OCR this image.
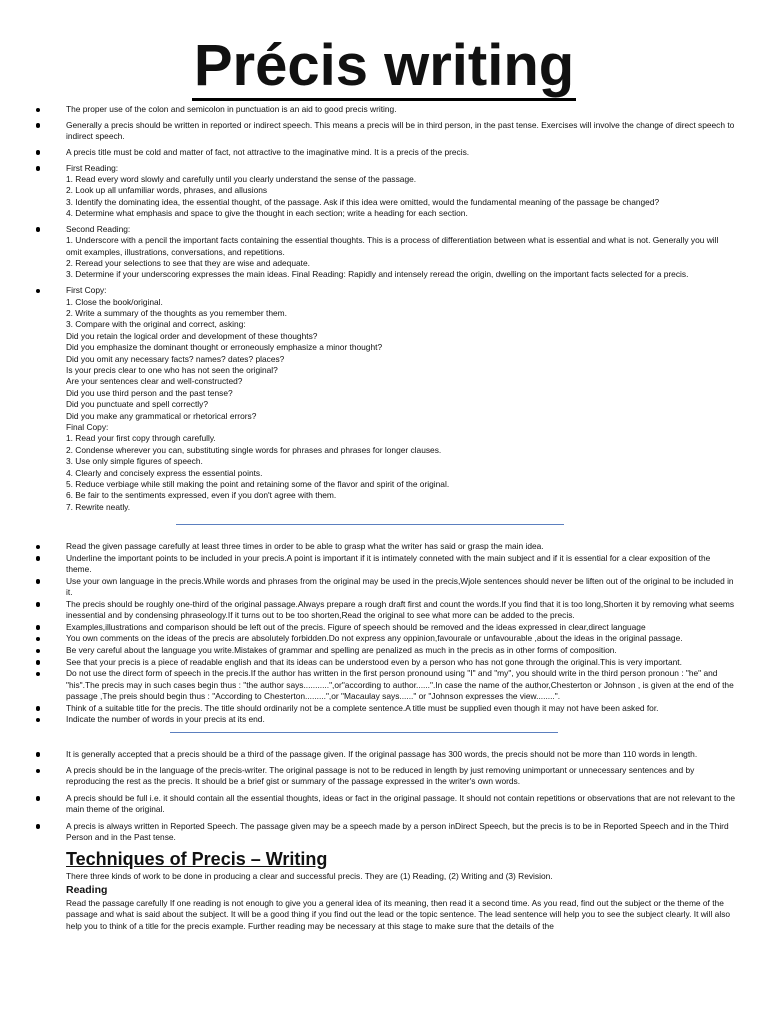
Précis writing
The proper use of the colon and semicolon in punctuation is an aid to good precis writing.
Generally a precis should be written in reported or indirect speech. This means a precis will be in third person, in the past tense. Exercises will involve the change of direct speech to indirect speech.
A precis title must be cold and matter of fact, not attractive to the imaginative mind. It is a precis of the precis.
First Reading:
1. Read every word slowly and carefully until you clearly understand the sense of the passage.
2. Look up all unfamiliar words, phrases, and allusions
3. Identify the dominating idea, the essential thought, of the passage. Ask if this idea were omitted, would the fundamental meaning of the passage be changed?
4. Determine what emphasis and space to give the thought in each section; write a heading for each section.
Second Reading:
1. Underscore with a pencil the important facts containing the essential thoughts. This is a process of differentiation between what is essential and what is not. Generally you will omit examples, illustrations, conversations, and repetitions.
2. Reread your selections to see that they are wise and adequate.
3. Determine if your underscoring expresses the main ideas. Final Reading: Rapidly and intensely reread the origin, dwelling on the important facts selected for a precis.
First Copy:
1. Close the book/original.
2. Write a summary of the thoughts as you remember them.
3. Compare with the original and correct, asking:
Did you retain the logical order and development of these thoughts?
Did you emphasize the dominant thought or erroneously emphasize a minor thought?
Did you omit any necessary facts? names? dates? places?
Is your precis clear to one who has not seen the original?
Are your sentences clear and well-constructed?
Did you use third person and the past tense?
Did you punctuate and spell correctly?
Did you make any grammatical or rhetorical errors?
Final Copy:
1. Read your first copy through carefully.
2. Condense wherever you can, substituting single words for phrases and phrases for longer clauses.
3. Use only simple figures of speech.
4. Clearly and concisely express the essential points.
5. Reduce verbiage while still making the point and retaining some of the flavor and spirit of the original.
6. Be fair to the sentiments expressed, even if you don't agree with them.
7. Rewrite neatly.
Read the given passage carefully at least three times in order to be able to grasp what the writer has said or grasp the main idea.
Underline the important points to be included in your precis.A point is important if it is intimately conneted with the main subject and if it is essential for a clear exposition of the theme.
Use your own language in the precis.While words and phrases from the original may be used in the precis,Wjole sentences should never be liften out of the original to be included in it.
The precis should be roughly one-third of the original passage.Always prepare a rough draft first and count the words.If you find that it is too long,Shorten it by removing what seems inessential and by condensing phraseology.If it turns out to be too shorten,Read the original to see what more can be added to the precis.
Examples,illustrations and comparison should be left out of the precis. Figure of speech should be removed and the ideas expressed in clear,direct language
You own comments on the ideas of the precis are absolutely forbidden.Do not express any oppinion,favourale or unfavourable ,about the ideas in the original passage.
Be very careful about the language you write.Mistakes of grammar and spelling are penalized as much in the precis as in other forms of composition.
See that your precis is a piece of readable english and that its ideas can be understood even by a person who has not gone through the original.This is very important.
Do not use the direct form of speech in the precis.If the author has written in the first person pronound using "I" and "my", you should write in the third person pronoun : "he" and "his".The precis may in such cases begin thus : "the author says...........",or"according to author......".In case the name of the author,Chesterton or Johnson , is given at the end of the passage ,The preis should begin thus : "According to Chesterton.........",or "Macaulay says......" or "Johnson expresses the view........".
Think of a suitable title for the precis. The title should ordinarily not be a complete sentence.A title must be supplied even though it may not have been asked for.
Indicate the number of words in your precis at its end.
It is generally accepted that a precis should be a third of the passage given. If the original passage has 300 words, the precis should not be more than 110 words in length.
A precis should be in the language of the precis-writer. The original passage is not to be reduced in length by just removing unimportant or unnecessary sentences and by reproducing the rest as the precis. It should be a brief gist or summary of the passage expressed in the writer's own words.
A precis should be full i.e. it should contain all the essential thoughts, ideas or fact in the original passage. It should not contain repetitions or observations that are not relevant to the main theme of the original.
A precis is always written in Reported Speech. The passage given may be a speech made by a person inDirect Speech, but the precis is to be in Reported Speech and in the Third Person and in the Past tense.
Techniques of Precis – Writing
There three kinds of work to be done in producing a clear and successful precis. They are (1) Reading, (2) Writing and (3) Revision.
Reading
Read the passage carefully If one reading is not enough to give you a general idea of its meaning, then read it a second time. As you read, find out the subject or the theme of the passage and what is said about the subject. It will be a good thing if you find out the lead or the topic sentence. The lead sentence will help you to see the subject clearly. It will also help you to think of a title for the precis example. Further reading may be necessary at this stage to make sure that the details of the
